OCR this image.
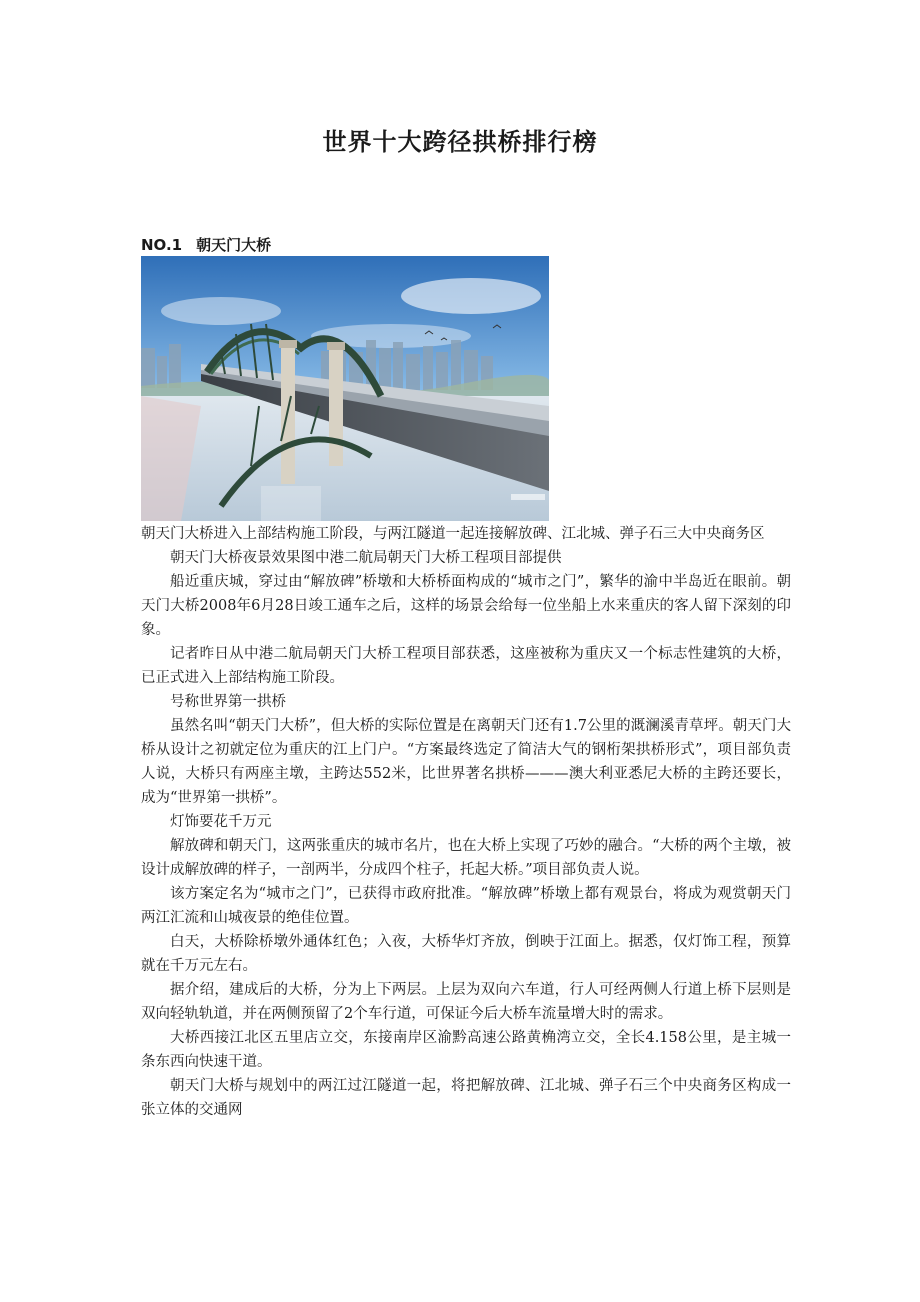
世界十大跨径拱桥排行榜
NO.1 朝天门大桥

朝天门大桥进入上部结构施工阶段，与两江隧道一起连接解放碑、江北城、弹子石三大中央商务区

朝天门大桥夜景效果图中港二航局朝天门大桥工程项目部提供

船近重庆城，穿过由“解放碑”桥墩和大桥桥面构成的“城市之门”，繁华的渝中半岛近在眼前。朝天门大桥2008年6月28日竣工通车之后，这样的场景会给每一位坐船上水来重庆的客人留下深刻的印象。

记者昨日从中港二航局朝天门大桥工程项目部获悉，这座被称为重庆又一个标志性建筑的大桥，已正式进入上部结构施工阶段。

号称世界第一拱桥

虽然名叫“朝天门大桥”，但大桥的实际位置是在离朝天门还有1.7公里的溉澜溪青草坪。朝天门大桥从设计之初就定位为重庆的江上门户。“方案最终选定了简洁大气的钢桁架拱桥形式”，项目部负责人说，大桥只有两座主墩，主跨达552米，比世界著名拱桥———澳大利亚悉尼大桥的主跨还要长，成为“世界第一拱桥”。

灯饰要花千万元

解放碑和朝天门，这两张重庆的城市名片，也在大桥上实现了巧妙的融合。“大桥的两个主墩，被设计成解放碑的样子，一剖两半，分成四个柱子，托起大桥。”项目部负责人说。

该方案定名为“城市之门”，已获得市政府批准。“解放碑”桥墩上都有观景台，将成为观赏朝天门两江汇流和山城夜景的绝佳位置。

白天，大桥除桥墩外通体红色；入夜，大桥华灯齐放，倒映于江面上。据悉，仅灯饰工程，预算就在千万元左右。

据介绍，建成后的大桥，分为上下两层。上层为双向六车道，行人可经两侧人行道上桥下层则是双向轻轨轨道，并在两侧预留了2个车行道，可保证今后大桥车流量增大时的需求。

大桥西接江北区五里店立交，东接南岸区渝黔高速公路黄桷湾立交，全长4.158公里，是主城一条东西向快速干道。

朝天门大桥与规划中的两江过江隧道一起，将把解放碑、江北城、弹子石三个中央商务区构成一张立体的交通网
